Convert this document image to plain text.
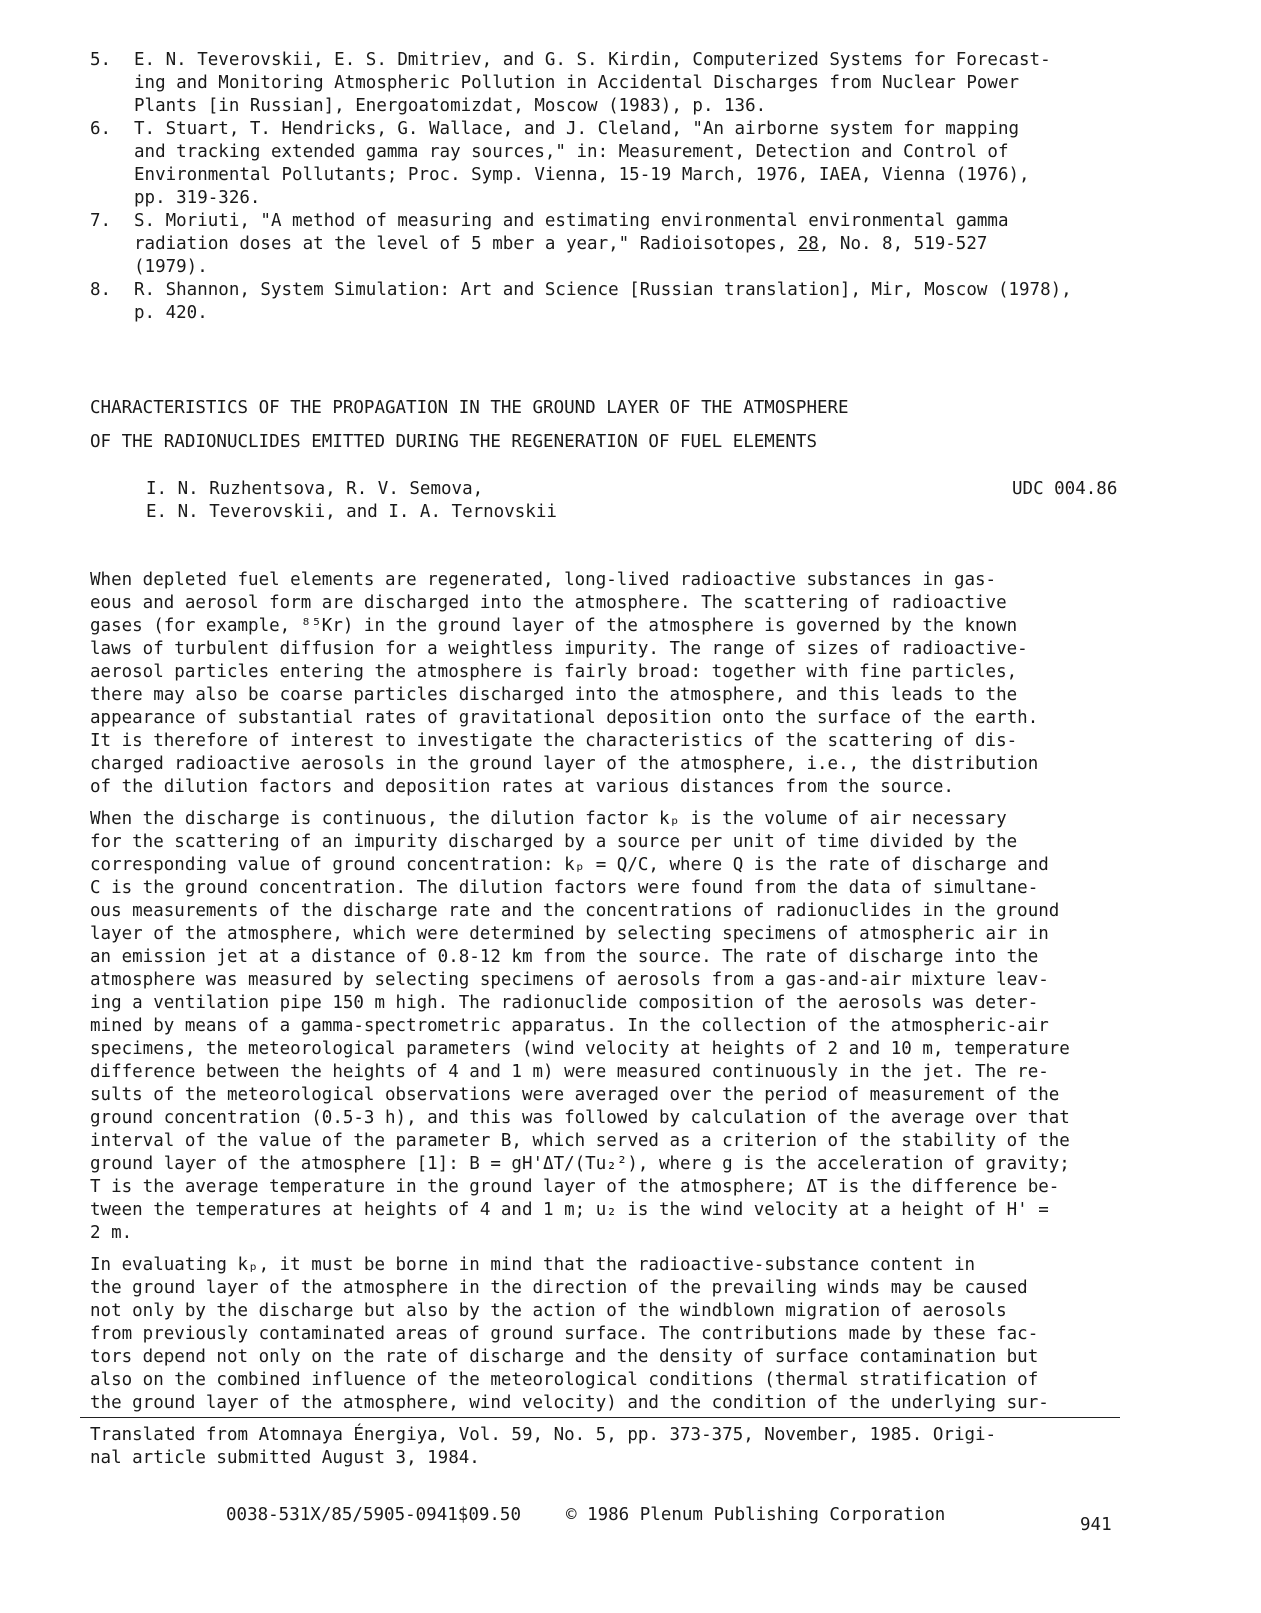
5.	E. N. Teverovskii, E. S. Dmitriev, and G. S. Kirdin, Computerized Systems for Forecast-
ing and Monitoring Atmospheric Pollution in Accidental Discharges from Nuclear Power
Plants [in Russian], Energoatomizdat, Moscow (1983), p. 136.
6.	T. Stuart, T. Hendricks, G. Wallace, and J. Cleland, "An airborne system for mapping
and tracking extended gamma ray sources," in: Measurement, Detection and Control of
Environmental Pollutants; Proc. Symp. Vienna, 15-19 March, 1976, IAEA, Vienna (1976),
pp. 319-326.
7.	S. Moriuti, "A method of measuring and estimating environmental environmental gamma
radiation doses at the level of 5 mber a year," Radioisotopes, 28, No. 8, 519-527
(1979).
8.	R. Shannon, System Simulation: Art and Science [Russian translation], Mir, Moscow (1978),
p. 420.
CHARACTERISTICS OF THE PROPAGATION IN THE GROUND LAYER OF THE ATMOSPHERE
OF THE RADIONUCLIDES EMITTED DURING THE REGENERATION OF FUEL ELEMENTS
I. N. Ruzhentsova, R. V. Semova,
E. N. Teverovskii, and I. A. Ternovskii
UDC 004.86

When depleted fuel elements are regenerated, long-lived radioactive substances in gas-
eous and aerosol form are discharged into the atmosphere. The scattering of radioactive
gases (for example, ⁸⁵Kr) in the ground layer of the atmosphere is governed by the known
laws of turbulent diffusion for a weightless impurity. The range of sizes of radioactive-
aerosol particles entering the atmosphere is fairly broad: together with fine particles,
there may also be coarse particles discharged into the atmosphere, and this leads to the
appearance of substantial rates of gravitational deposition onto the surface of the earth.
It is therefore of interest to investigate the characteristics of the scattering of dis-
charged radioactive aerosols in the ground layer of the atmosphere, i.e., the distribution
of the dilution factors and deposition rates at various distances from the source.

When the discharge is continuous, the dilution factor kₚ is the volume of air necessary
for the scattering of an impurity discharged by a source per unit of time divided by the
corresponding value of ground concentration: kₚ = Q/C, where Q is the rate of discharge and
C is the ground concentration. The dilution factors were found from the data of simultane-
ous measurements of the discharge rate and the concentrations of radionuclides in the ground
layer of the atmosphere, which were determined by selecting specimens of atmospheric air in
an emission jet at a distance of 0.8-12 km from the source. The rate of discharge into the
atmosphere was measured by selecting specimens of aerosols from a gas-and-air mixture leav-
ing a ventilation pipe 150 m high. The radionuclide composition of the aerosols was deter-
mined by means of a gamma-spectrometric apparatus. In the collection of the atmospheric-air
specimens, the meteorological parameters (wind velocity at heights of 2 and 10 m, temperature
difference between the heights of 4 and 1 m) were measured continuously in the jet. The re-
sults of the meteorological observations were averaged over the period of measurement of the
ground concentration (0.5-3 h), and this was followed by calculation of the average over that
interval of the value of the parameter B, which served as a criterion of the stability of the
ground layer of the atmosphere [1]: B = gH'ΔT/(Tu₂²), where g is the acceleration of gravity;
T is the average temperature in the ground layer of the atmosphere; ΔT is the difference be-
tween the temperatures at heights of 4 and 1 m; u₂ is the wind velocity at a height of H' =
2 m.

In evaluating kₚ, it must be borne in mind that the radioactive-substance content in
the ground layer of the atmosphere in the direction of the prevailing winds may be caused
not only by the discharge but also by the action of the windblown migration of aerosols
from previously contaminated areas of ground surface. The contributions made by these fac-
tors depend not only on the rate of discharge and the density of surface contamination but
also on the combined influence of the meteorological conditions (thermal stratification of
the ground layer of the atmosphere, wind velocity) and the condition of the underlying sur-

Translated from Atomnaya Énergiya, Vol. 59, No. 5, pp. 373-375, November, 1985. Origi-
nal article submitted August 3, 1984.
0038-531X/85/5905-0941$09.50	© 1986 Plenum Publishing Corporation	941
